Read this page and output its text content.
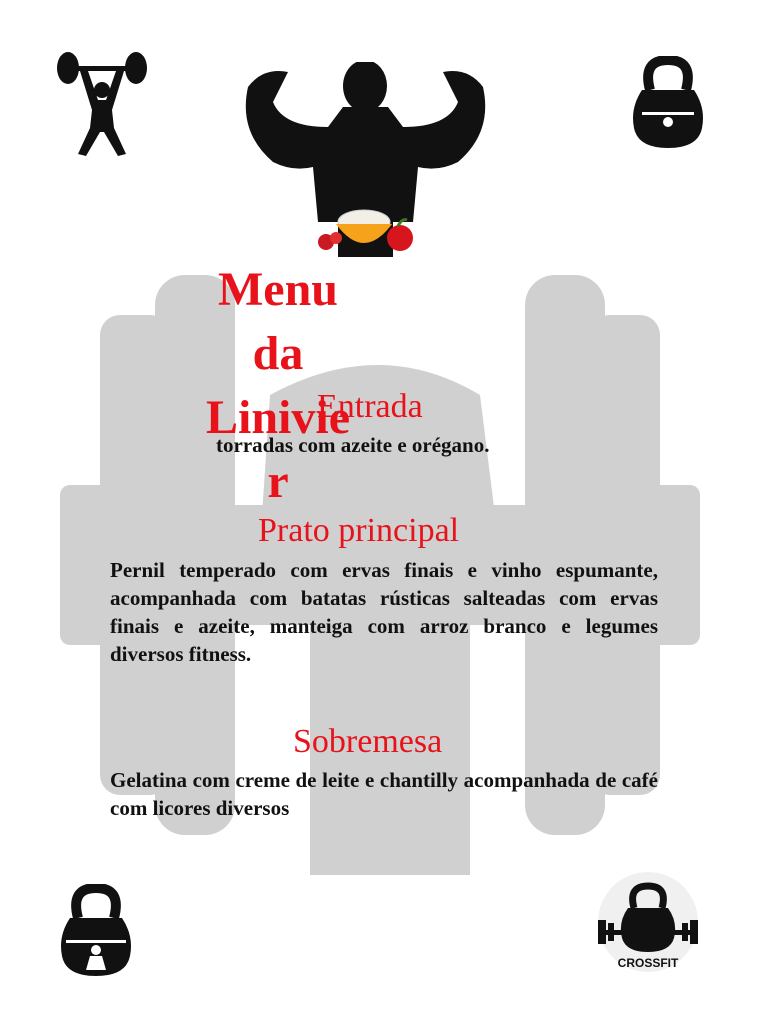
Menu
da
Linivie
r
Entrada
torradas com azeite e orégano.
Prato principal
Pernil temperado com ervas finais e vinho espumante, acompanhada com batatas rústicas salteadas com ervas finais e azeite, manteiga com arroz branco e legumes diversos fitness.
Sobremesa
Gelatina com creme de leite e chantilly acompanhada de café com licores diversos
CROSSFIT
